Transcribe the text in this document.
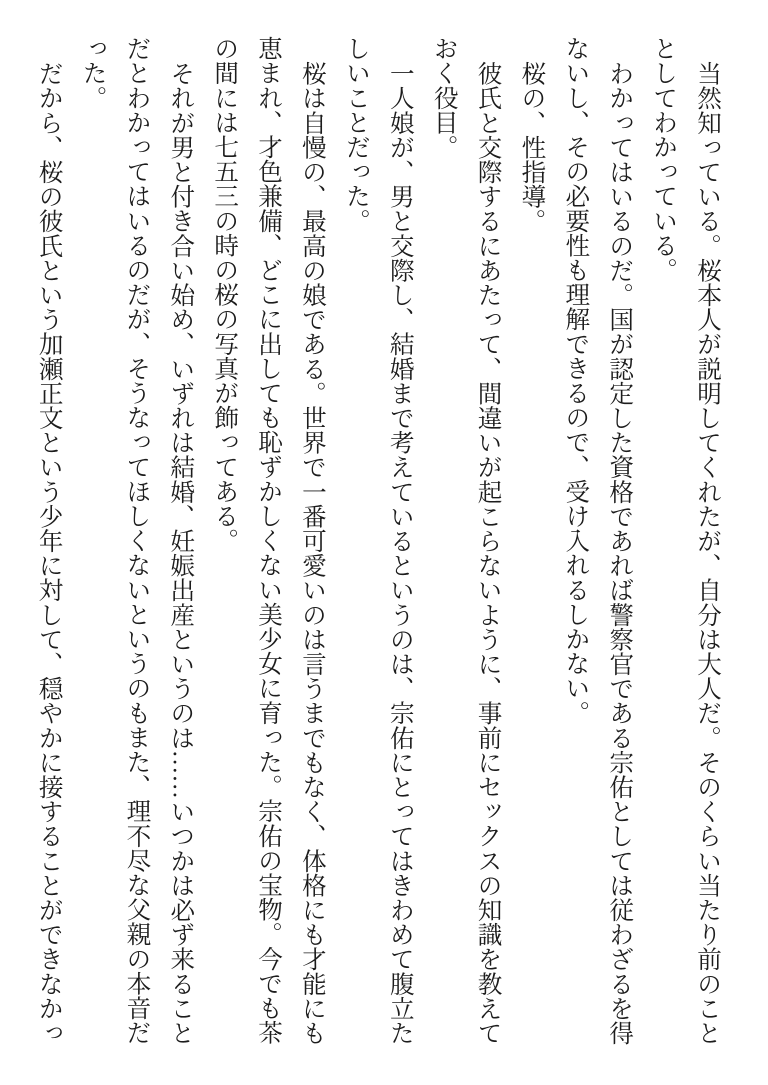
当然知っている。桜本人が説明してくれたが、自分は大人だ。そのくらい当たり前のこととしてわかっている。

わかってはいるのだ。国が認定した資格であれば警察官である宗佑としては従わざるを得ないし、その必要性も理解できるので、受け入れるしかない。

桜の、性指導。

彼氏と交際するにあたって、間違いが起こらないように、事前にセックスの知識を教えておく役目。

一人娘が、男と交際し、結婚まで考えているというのは、宗佑にとってはきわめて腹立たしいことだった。

桜は自慢の、最高の娘である。世界で一番可愛いのは言うまでもなく、体格にも才能にも恵まれ、才色兼備、どこに出しても恥ずかしくない美少女に育った。宗佑の宝物。今でも茶の間には七五三の時の桜の写真が飾ってある。

それが男と付き合い始め、いずれは結婚、妊娠出産というのは……いつかは必ず来ることだとわかってはいるのだが、そうなってほしくないというのもまた、理不尽な父親の本音だった。

だから、桜の彼氏という加瀬正文という少年に対して、穏やかに接することができなかっ
